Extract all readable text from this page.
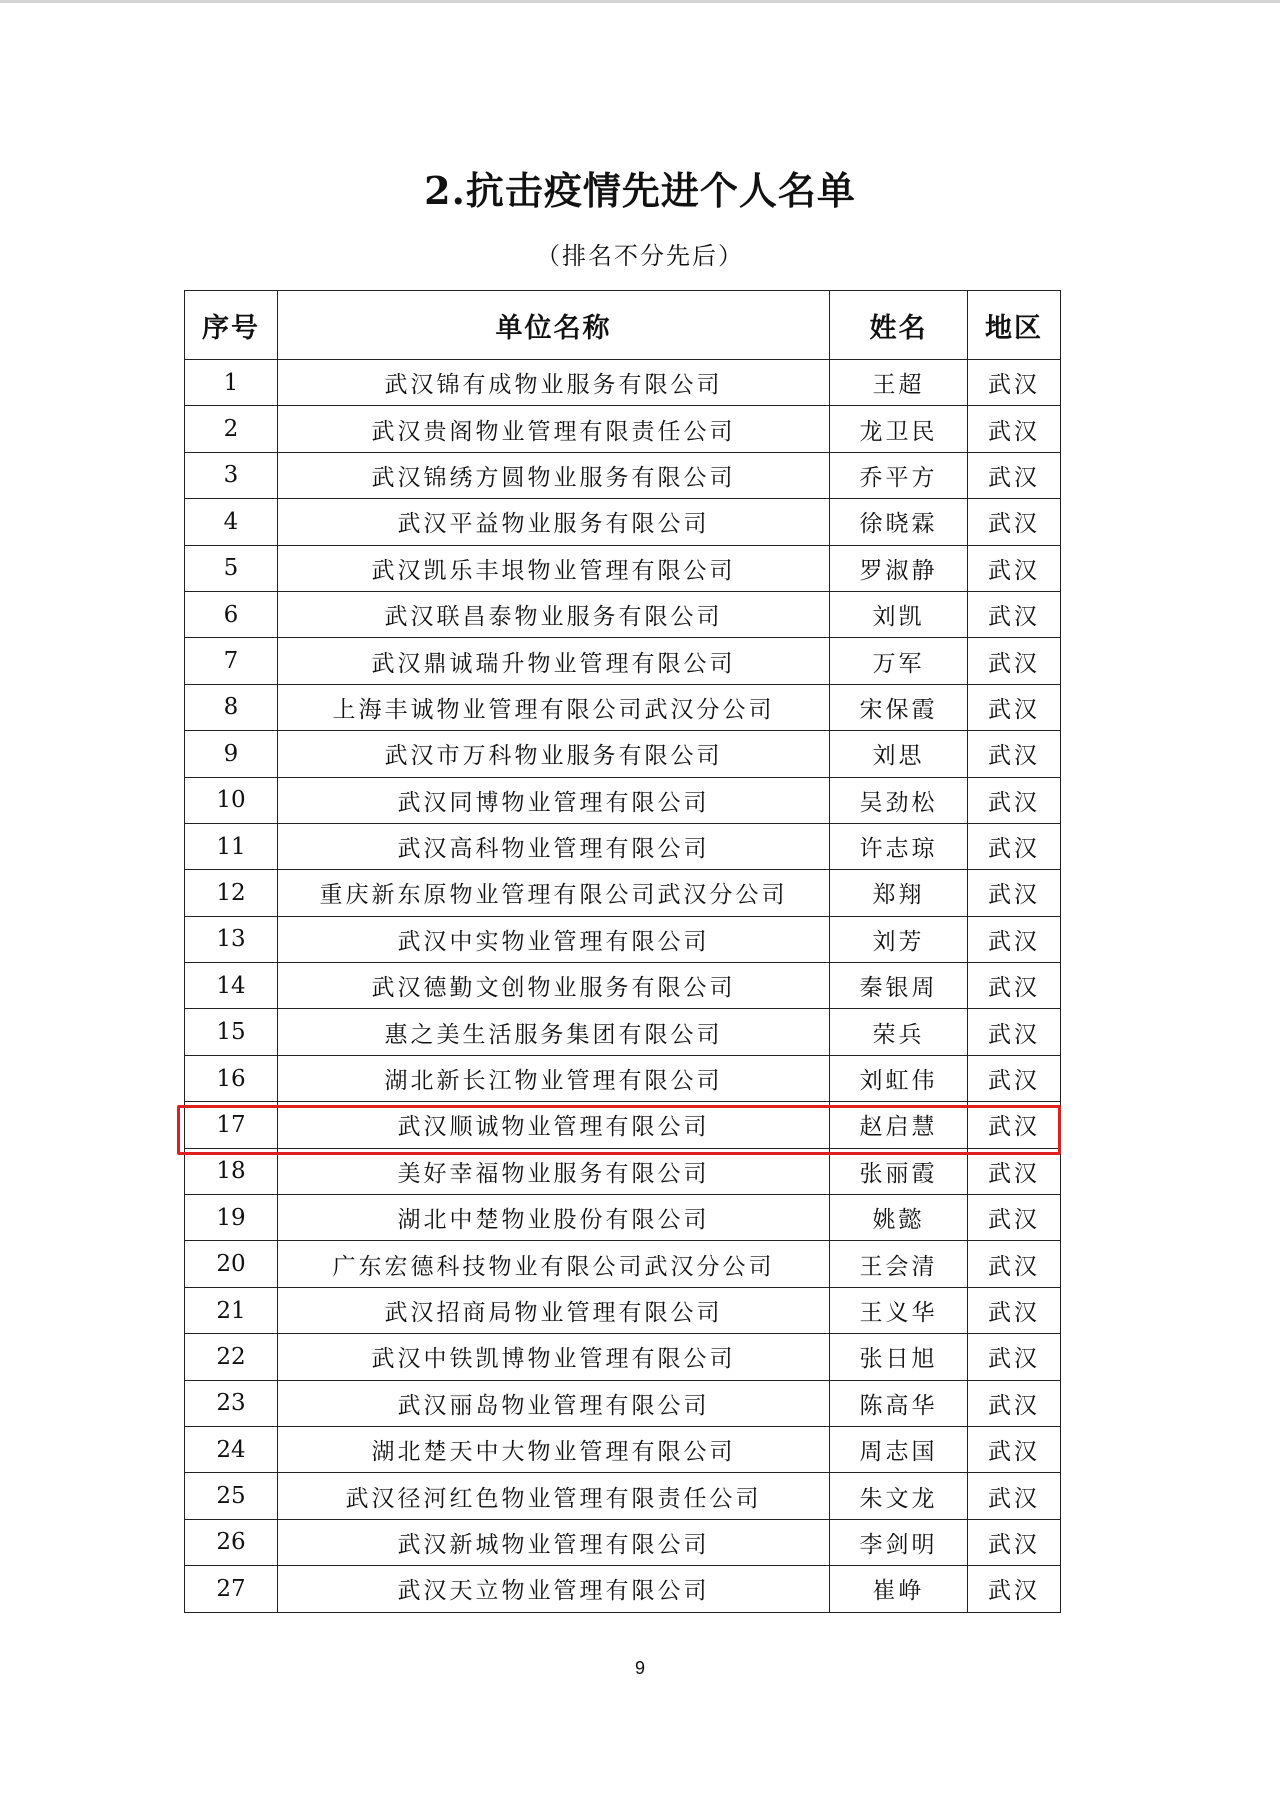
2.抗击疫情先进个人名单
（排名不分先后）
序号	单位名称	姓名	地区
1	武汉锦有成物业服务有限公司	王超	武汉
2	武汉贵阁物业管理有限责任公司	龙卫民	武汉
3	武汉锦绣方圆物业服务有限公司	乔平方	武汉
4	武汉平益物业服务有限公司	徐晓霖	武汉
5	武汉凯乐丰垠物业管理有限公司	罗淑静	武汉
6	武汉联昌泰物业服务有限公司	刘凯	武汉
7	武汉鼎诚瑞升物业管理有限公司	万军	武汉
8	上海丰诚物业管理有限公司武汉分公司	宋保霞	武汉
9	武汉市万科物业服务有限公司	刘思	武汉
10	武汉同博物业管理有限公司	吴劲松	武汉
11	武汉高科物业管理有限公司	许志琼	武汉
12	重庆新东原物业管理有限公司武汉分公司	郑翔	武汉
13	武汉中实物业管理有限公司	刘芳	武汉
14	武汉德勤文创物业服务有限公司	秦银周	武汉
15	惠之美生活服务集团有限公司	荣兵	武汉
16	湖北新长江物业管理有限公司	刘虹伟	武汉
17	武汉顺诚物业管理有限公司	赵启慧	武汉
18	美好幸福物业服务有限公司	张丽霞	武汉
19	湖北中楚物业股份有限公司	姚懿	武汉
20	广东宏德科技物业有限公司武汉分公司	王会清	武汉
21	武汉招商局物业管理有限公司	王义华	武汉
22	武汉中铁凯博物业管理有限公司	张日旭	武汉
23	武汉丽岛物业管理有限公司	陈高华	武汉
24	湖北楚天中大物业管理有限公司	周志国	武汉
25	武汉径河红色物业管理有限责任公司	朱文龙	武汉
26	武汉新城物业管理有限公司	李剑明	武汉
27	武汉天立物业管理有限公司	崔峥	武汉
9
